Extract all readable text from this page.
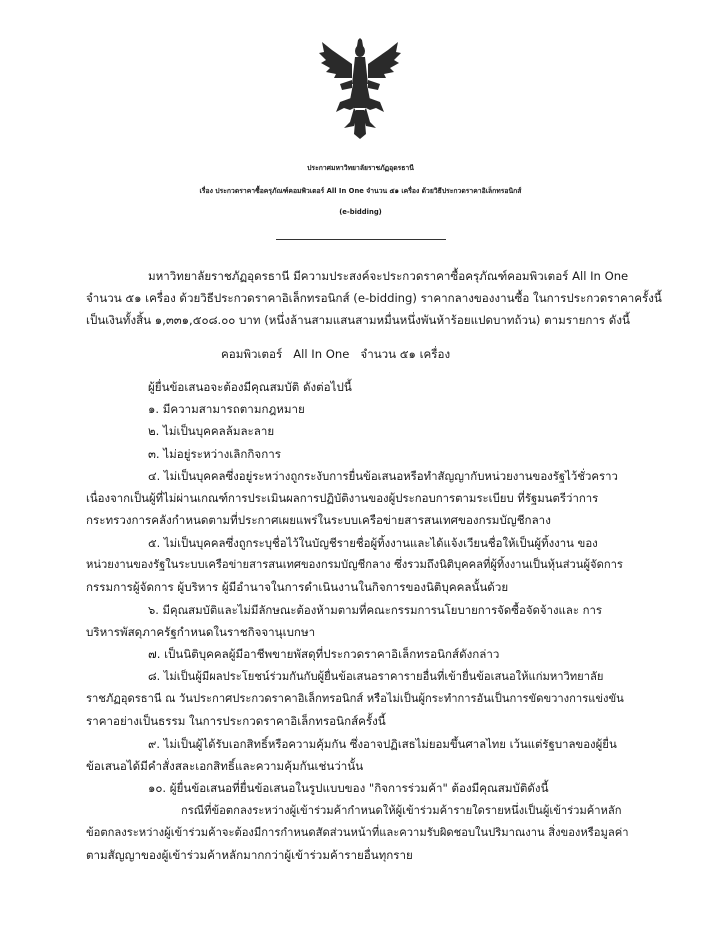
ประกาศมหาวิทยาลัยราชภัฏอุดรธานี
เรื่อง ประกวดราคาซื้อครุภัณฑ์คอมพิวเตอร์ All In One จำนวน ๕๑ เครื่อง ด้วยวิธีประกวดราคาอิเล็กทรอนิกส์
(e-bidding)
มหาวิทยาลัยราชภัฏอุดรธานี มีความประสงค์จะประกวดราคาซื้อครุภัณฑ์คอมพิวเตอร์ All In One
จำนวน ๕๑ เครื่อง ด้วยวิธีประกวดราคาอิเล็กทรอนิกส์ (e-bidding) ราคากลางของงานซื้อ ในการประกวดราคาครั้งนี้
เป็นเงินทั้งสิ้น ๑,๓๓๑,๕๐๘.๐๐ บาท (หนึ่งล้านสามแสนสามหมื่นหนึ่งพันห้าร้อยแปดบาทถ้วน) ตามรายการ ดังนี้
คอมพิวเตอร์   All In One   จำนวน ๕๑ เครื่อง
ผู้ยื่นข้อเสนอจะต้องมีคุณสมบัติ ดังต่อไปนี้
๑. มีความสามารถตามกฎหมาย
๒. ไม่เป็นบุคคลล้มละลาย
๓. ไม่อยู่ระหว่างเลิกกิจการ
๔. ไม่เป็นบุคคลซึ่งอยู่ระหว่างถูกระงับการยื่นข้อเสนอหรือทำสัญญากับหน่วยงานของรัฐไว้ชั่วคราว
เนื่องจากเป็นผู้ที่ไม่ผ่านเกณฑ์การประเมินผลการปฏิบัติงานของผู้ประกอบการตามระเบียบ ที่รัฐมนตรีว่าการ
กระทรวงการคลังกำหนดตามที่ประกาศเผยแพร่ในระบบเครือข่ายสารสนเทศของกรมบัญชีกลาง
๕. ไม่เป็นบุคคลซึ่งถูกระบุชื่อไว้ในบัญชีรายชื่อผู้ทิ้งงานและได้แจ้งเวียนชื่อให้เป็นผู้ทิ้งงาน ของ
หน่วยงานของรัฐในระบบเครือข่ายสารสนเทศของกรมบัญชีกลาง ซึ่งรวมถึงนิติบุคคลที่ผู้ทิ้งงานเป็นหุ้นส่วนผู้จัดการ
กรรมการผู้จัดการ ผู้บริหาร ผู้มีอำนาจในการดำเนินงานในกิจการของนิติบุคคลนั้นด้วย
๖. มีคุณสมบัติและไม่มีลักษณะต้องห้ามตามที่คณะกรรมการนโยบายการจัดซื้อจัดจ้างและ การ
บริหารพัสดุภาครัฐกำหนดในราชกิจจานุเบกษา
๗. เป็นนิติบุคคลผู้มีอาชีพขายพัสดุที่ประกวดราคาอิเล็กทรอนิกส์ดังกล่าว
๘. ไม่เป็นผู้มีผลประโยชน์ร่วมกันกับผู้ยื่นข้อเสนอราคารายอื่นที่เข้ายื่นข้อเสนอให้แก่มหาวิทยาลัย
ราชภัฏอุดรธานี ณ วันประกาศประกวดราคาอิเล็กทรอนิกส์ หรือไม่เป็นผู้กระทำการอันเป็นการขัดขวางการแข่งขัน
ราคาอย่างเป็นธรรม ในการประกวดราคาอิเล็กทรอนิกส์ครั้งนี้
๙. ไม่เป็นผู้ได้รับเอกสิทธิ์หรือความคุ้มกัน ซึ่งอาจปฏิเสธไม่ยอมขึ้นศาลไทย เว้นแต่รัฐบาลของผู้ยื่น
ข้อเสนอได้มีคำสั่งสละเอกสิทธิ์และความคุ้มกันเช่นว่านั้น
๑๐. ผู้ยื่นข้อเสนอที่ยื่นข้อเสนอในรูปแบบของ "กิจการร่วมค้า" ต้องมีคุณสมบัติดังนี้
กรณีที่ข้อตกลงระหว่างผู้เข้าร่วมค้ากำหนดให้ผู้เข้าร่วมค้ารายใดรายหนึ่งเป็นผู้เข้าร่วมค้าหลัก
ข้อตกลงระหว่างผู้เข้าร่วมค้าจะต้องมีการกำหนดสัดส่วนหน้าที่และความรับผิดชอบในปริมาณงาน สิ่งของหรือมูลค่า
ตามสัญญาของผู้เข้าร่วมค้าหลักมากกว่าผู้เข้าร่วมค้ารายอื่นทุกราย
